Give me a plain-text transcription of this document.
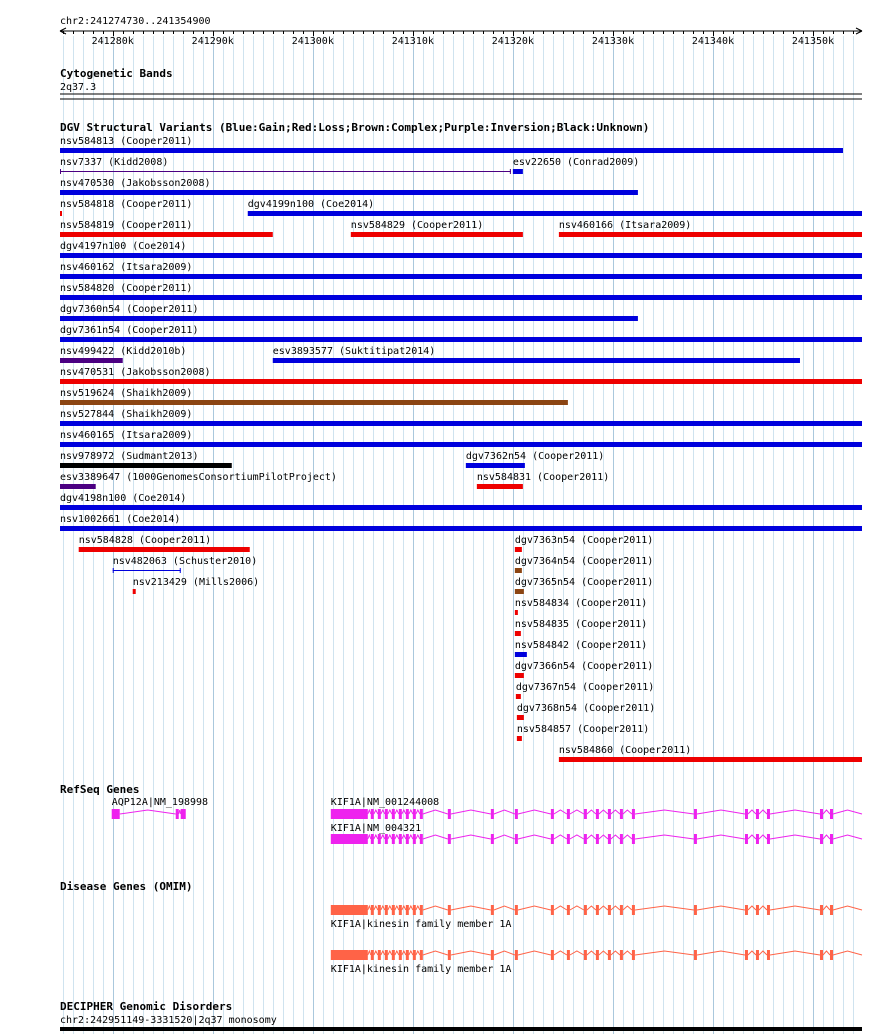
chr2:241274730..241354900
241280k	241290k	241300k	241310k	241320k	241330k	241340k	241350k
Cytogenetic Bands
2q37.3
DGV Structural Variants (Blue:Gain;Red:Loss;Brown:Complex;Purple:Inversion;Black:Unknown)
nsv584813 (Cooper2011)
nsv7337 (Kidd2008)	esv22650 (Conrad2009)
nsv470530 (Jakobsson2008)
nsv584818 (Cooper2011)	dgv4199n100 (Coe2014)
nsv584819 (Cooper2011)	nsv584829 (Cooper2011)	nsv460166 (Itsara2009)
dgv4197n100 (Coe2014)
nsv460162 (Itsara2009)
nsv584820 (Cooper2011)
dgv7360n54 (Cooper2011)
dgv7361n54 (Cooper2011)
nsv499422 (Kidd2010b)	esv3893577 (Suktitipat2014)
nsv470531 (Jakobsson2008)
nsv519624 (Shaikh2009)
nsv527844 (Shaikh2009)
nsv460165 (Itsara2009)
nsv978972 (Sudmant2013)	dgv7362n54 (Cooper2011)
esv3389647 (1000GenomesConsortiumPilotProject)	nsv584831 (Cooper2011)
dgv4198n100 (Coe2014)
nsv1002661 (Coe2014)
nsv584828 (Cooper2011)	dgv7363n54 (Cooper2011)
nsv482063 (Schuster2010)	dgv7364n54 (Cooper2011)
nsv213429 (Mills2006)	dgv7365n54 (Cooper2011)
nsv584834 (Cooper2011)
nsv584835 (Cooper2011)
nsv584842 (Cooper2011)
dgv7366n54 (Cooper2011)
dgv7367n54 (Cooper2011)
dgv7368n54 (Cooper2011)
nsv584857 (Cooper2011)
nsv584860 (Cooper2011)
RefSeq Genes
AQP12A|NM_198998	KIF1A|NM_001244008
KIF1A|NM_004321
Disease Genes (OMIM)
KIF1A|kinesin family member 1A
KIF1A|kinesin family member 1A
DECIPHER Genomic Disorders
chr2:242951149-3331520|2q37 monosomy
